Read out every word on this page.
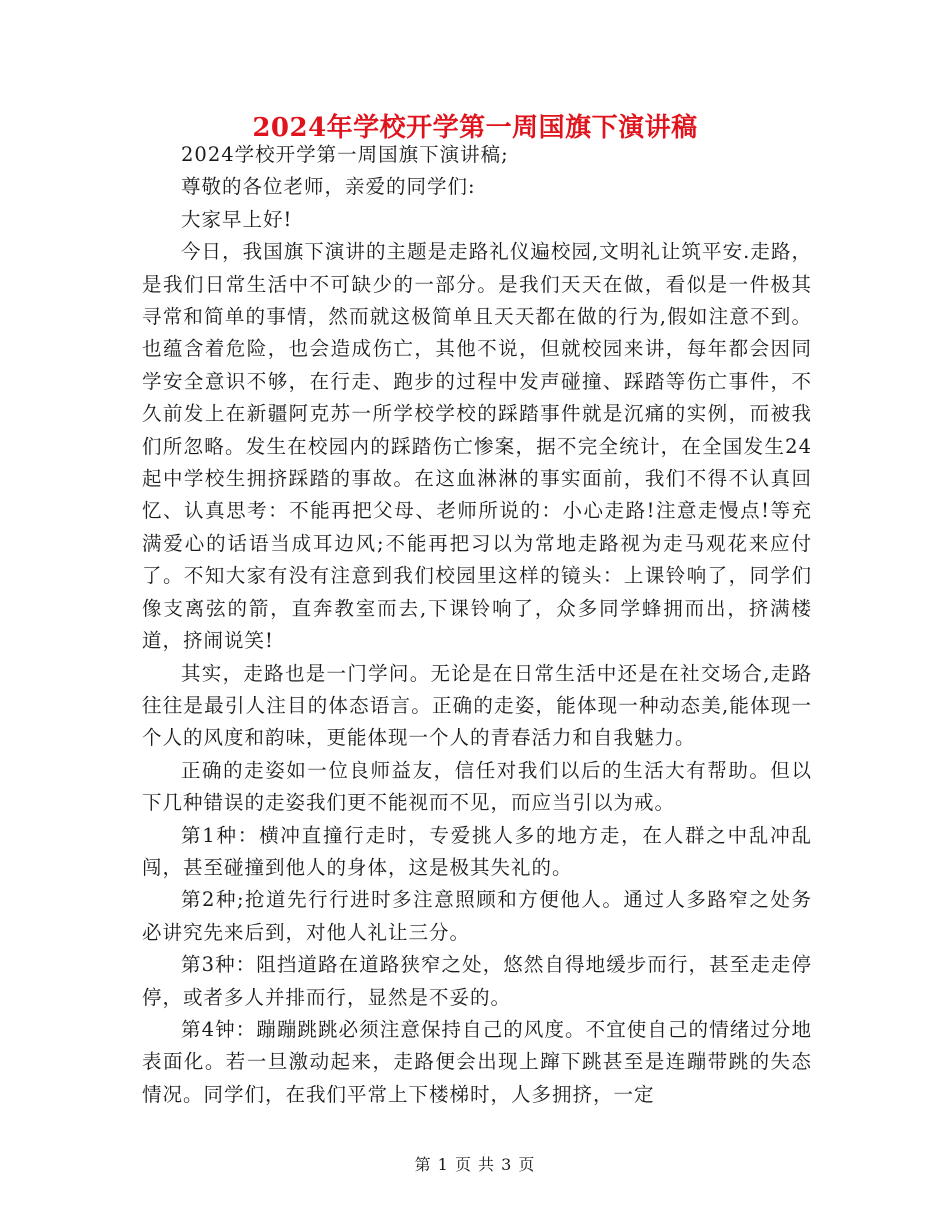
2024年学校开学第一周国旗下演讲稿

2024学校开学第一周国旗下演讲稿;

尊敬的各位老师，亲爱的同学们:

大家早上好!

今日，我国旗下演讲的主题是走路礼仪遍校园,文明礼让筑平安.走路，是我们日常生活中不可缺少的一部分。是我们天天在做，看似是一件极其寻常和简单的事情，然而就这极简单且天天都在做的行为,假如注意不到。也蕴含着危险，也会造成伤亡，其他不说，但就校园来讲，每年都会因同学安全意识不够，在行走、跑步的过程中发声碰撞、踩踏等伤亡事件，不久前发上在新疆阿克苏一所学校学校的踩踏事件就是沉痛的实例，而被我们所忽略。发生在校园内的踩踏伤亡惨案，据不完全统计，在全国发生24起中学校生拥挤踩踏的事故。在这血淋淋的事实面前，我们不得不认真回忆、认真思考：不能再把父母、老师所说的：小心走路!注意走慢点!等充满爱心的话语当成耳边风;不能再把习以为常地走路视为走马观花来应付了。不知大家有没有注意到我们校园里这样的镜头：上课铃响了，同学们像支离弦的箭，直奔教室而去,下课铃响了，众多同学蜂拥而出，挤满楼道，挤闹说笑!

其实，走路也是一门学问。无论是在日常生活中还是在社交场合,走路往往是最引人注目的体态语言。正确的走姿，能体现一种动态美,能体现一个人的风度和韵味，更能体现一个人的青春活力和自我魅力。

正确的走姿如一位良师益友，信任对我们以后的生活大有帮助。但以下几种错误的走姿我们更不能视而不见，而应当引以为戒。

第1种：横冲直撞行走时，专爱挑人多的地方走，在人群之中乱冲乱闯，甚至碰撞到他人的身体，这是极其失礼的。

第2种;抢道先行行进时多注意照顾和方便他人。通过人多路窄之处务必讲究先来后到，对他人礼让三分。

第3种：阻挡道路在道路狭窄之处，悠然自得地缓步而行，甚至走走停停，或者多人并排而行，显然是不妥的。

第4钟：蹦蹦跳跳必须注意保持自己的风度。不宜使自己的情绪过分地表面化。若一旦激动起来，走路便会出现上蹿下跳甚至是连蹦带跳的失态情况。同学们，在我们平常上下楼梯时，人多拥挤，一定

第 1 页 共 3 页
